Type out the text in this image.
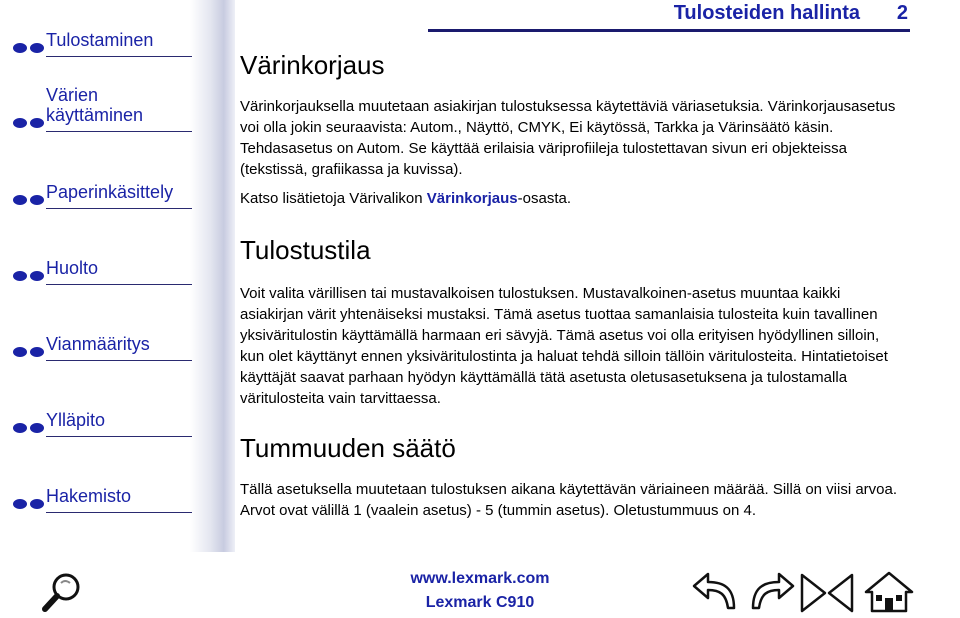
Tulostaminen
Värien
käyttäminen
Paperinkäsittely
Huolto
Vianmääritys
Ylläpito
Hakemisto
Tulosteiden hallinta 2
Värinkorjaus

Värinkorjauksella muutetaan asiakirjan tulostuksessa käytettäviä väriasetuksia. Värinkorjausasetus voi olla jokin seuraavista: Autom., Näyttö, CMYK, Ei käytössä, Tarkka ja Värinsäätö käsin. Tehdasasetus on Autom. Se käyttää erilaisia väriprofiileja tulostettavan sivun eri objekteissa (tekstissä, grafiikassa ja kuvissa).

Katso lisätietoja Värivalikon Värinkorjaus-osasta.

Tulostustila

Voit valita värillisen tai mustavalkoisen tulostuksen. Mustavalkoinen-asetus muuntaa kaikki asiakirjan värit yhtenäiseksi mustaksi. Tämä asetus tuottaa samanlaisia tulosteita kuin tavallinen yksiväritulostin käyttämällä harmaan eri sävyjä. Tämä asetus voi olla erityisen hyödyllinen silloin, kun olet käyttänyt ennen yksiväritulostinta ja haluat tehdä silloin tällöin väritulosteita. Hintatietoiset käyttäjät saavat parhaan hyödyn käyttämällä tätä asetusta oletusasetuksena ja tulostamalla väritulosteita vain tarvittaessa.

Tummuuden säätö

Tällä asetuksella muutetaan tulostuksen aikana käytettävän väriaineen määrää. Sillä on viisi arvoa. Arvot ovat välillä 1 (vaalein asetus) - 5 (tummin asetus). Oletustummuus on 4.

www.lexmark.com
Lexmark C910
